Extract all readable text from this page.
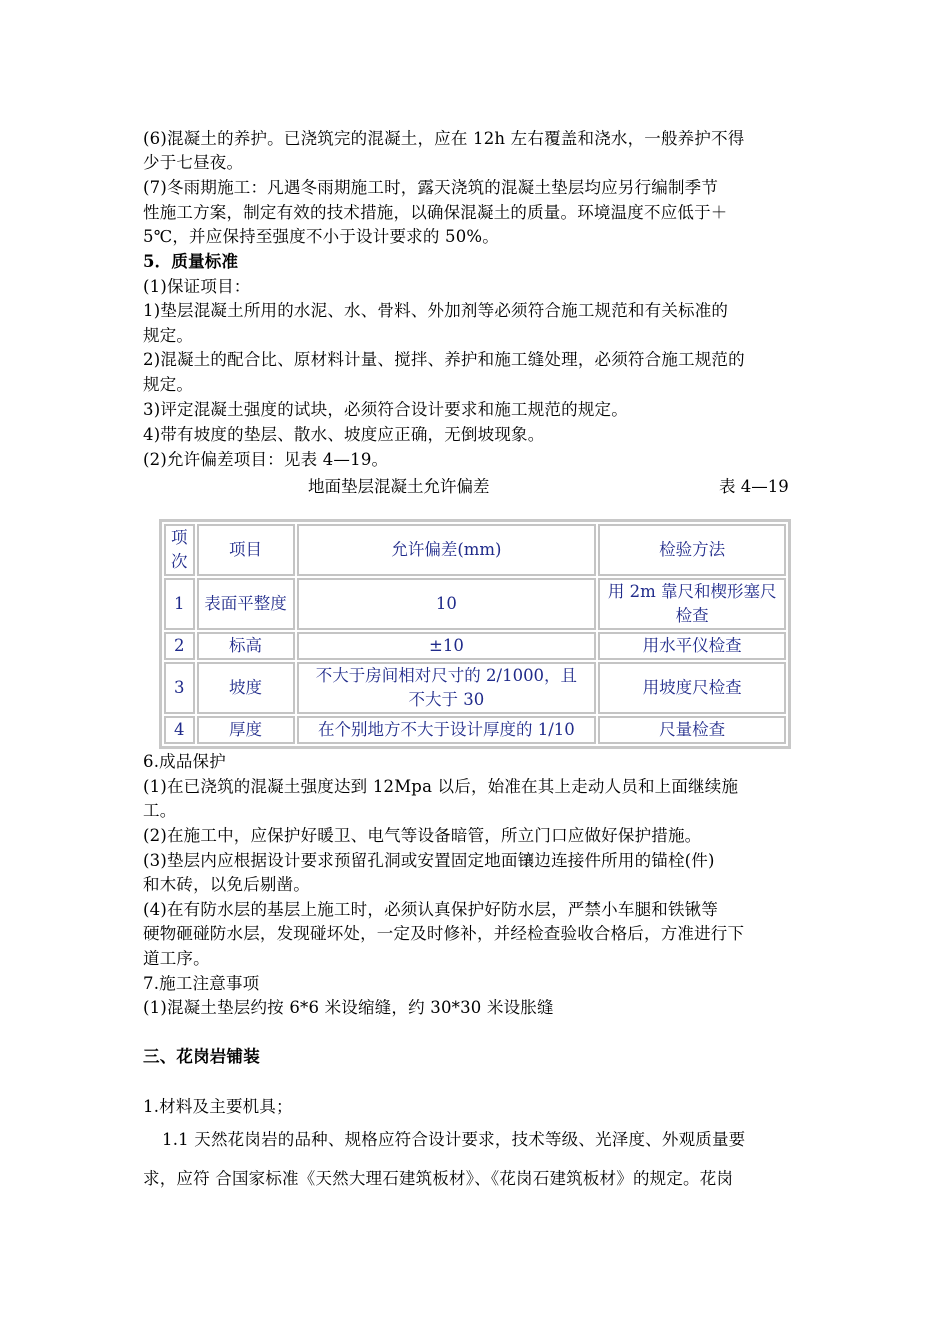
(6)混凝土的养护。已浇筑完的混凝土，应在 12h 左右覆盖和浇水，一般养护不得
少于七昼夜。
(7)冬雨期施工：凡遇冬雨期施工时，露天浇筑的混凝土垫层均应另行编制季节
性施工方案，制定有效的技术措施，以确保混凝土的质量。环境温度不应低于＋
5℃，并应保持至强度不小于设计要求的 50%。
5．质量标准
(1)保证项目：
1)垫层混凝土所用的水泥、水、骨料、外加剂等必须符合施工规范和有关标准的
规定。
2)混凝土的配合比、原材料计量、搅拌、养护和施工缝处理，必须符合施工规范的
规定。
3)评定混凝土强度的试块，必须符合设计要求和施工规范的规定。
4)带有坡度的垫层、散水、坡度应正确，无倒坡现象。
(2)允许偏差项目：见表 4—19。
地面垫层混凝土允许偏差	表 4—19
项
次	项目	允许偏差(mm)	检验方法
1	表面平整度	10	用 2m 靠尺和楔形塞尺
检查
2	标高	±10	用水平仪检查
3	坡度	不大于房间相对尺寸的 2/1000，且
不大于 30	用坡度尺检查
4	厚度	在个别地方不大于设计厚度的 1/10	尺量检查
6.成品保护
(1)在已浇筑的混凝土强度达到 12Mpa 以后，始准在其上走动人员和上面继续施
工。
(2)在施工中，应保护好暖卫、电气等设备暗管，所立门口应做好保护措施。
(3)垫层内应根据设计要求预留孔洞或安置固定地面镶边连接件所用的锚栓(件)
和木砖，以免后剔凿。
(4)在有防水层的基层上施工时，必须认真保护好防水层，严禁小车腿和铁锹等
硬物砸碰防水层，发现碰坏处，一定及时修补，并经检查验收合格后，方准进行下
道工序。
7.施工注意事项
(1)混凝土垫层约按 6*6 米设缩缝，约 30*30 米设胀缝
三、花岗岩铺装
1.材料及主要机具；
1.1 天然花岗岩的品种、规格应符合设计要求，技术等级、光泽度、外观质量要
求，应符 合国家标准《天然大理石建筑板材》、《花岗石建筑板材》的规定。花岗
